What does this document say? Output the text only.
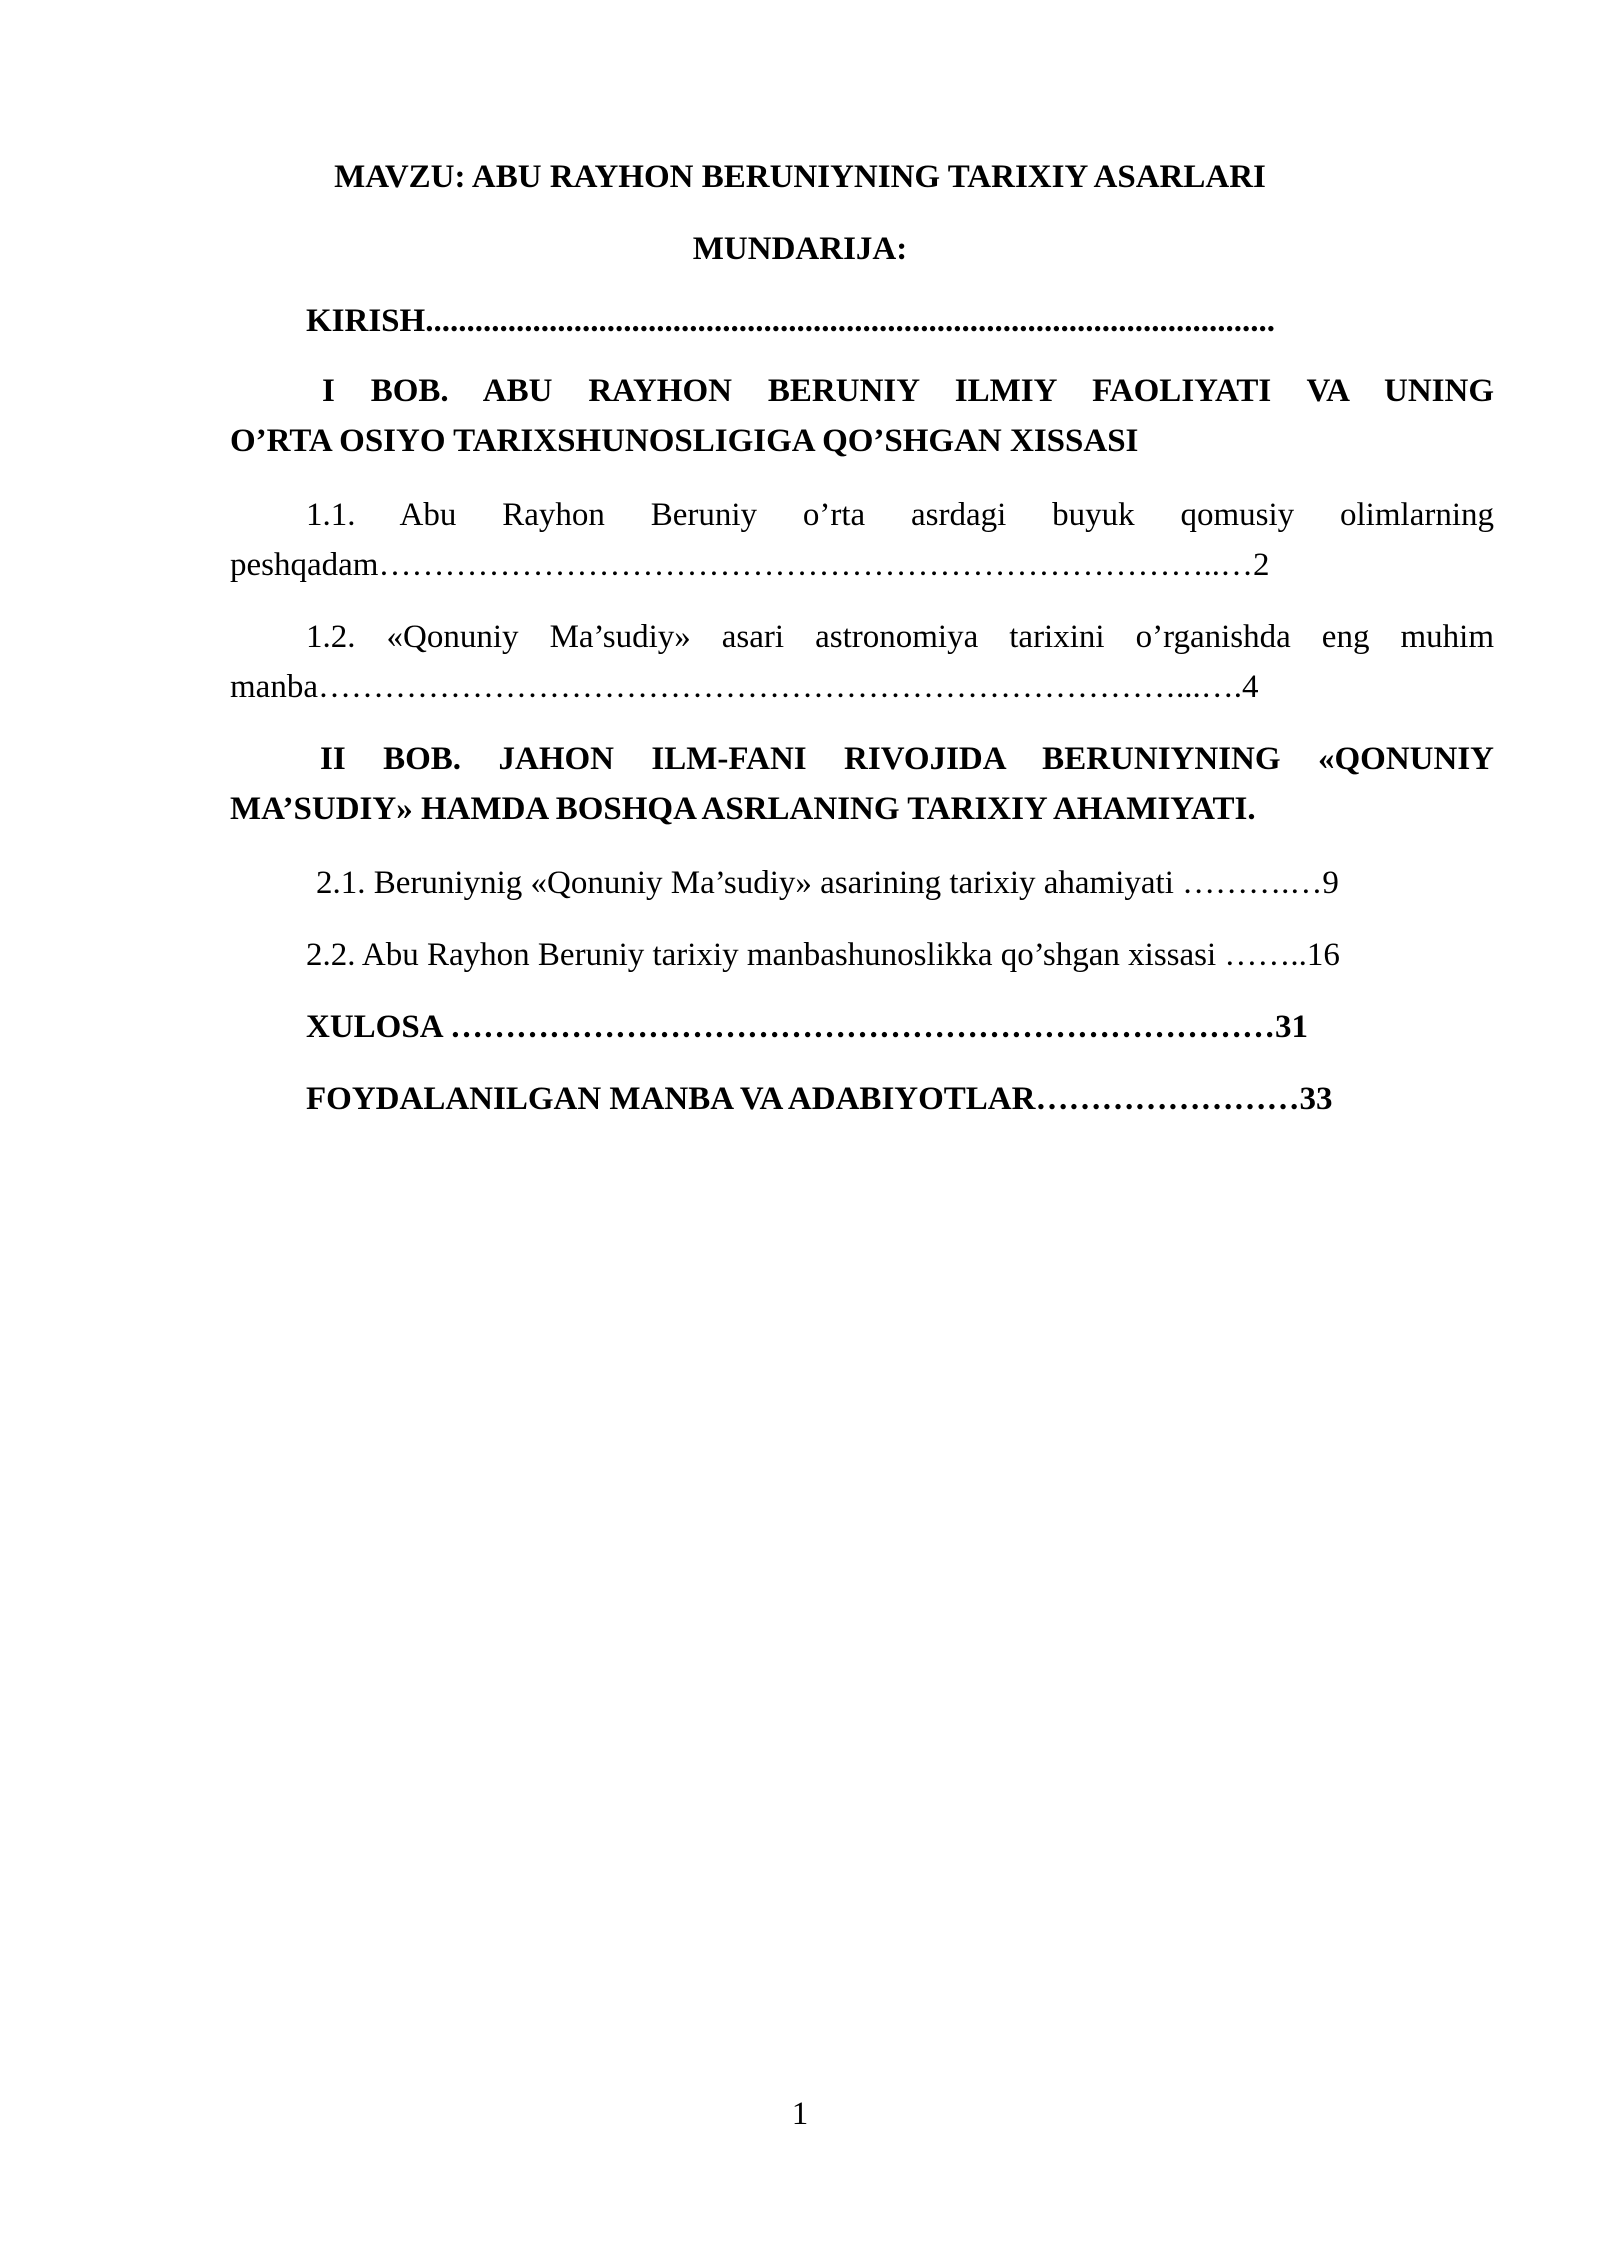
MAVZU: ABU RAYHON BERUNIYNING TARIXIY ASARLARI
MUNDARIJA:
KIRISH.......................................................................................................
I BOB. ABU RAYHON BERUNIY ILMIY FAOLIYATI VA UNING
O’RTA OSIYO TARIXSHUNOSLIGIGA QO’SHGAN XISSASI
1.1. Abu Rayhon Beruniy o’rta asrdagi buyuk qomusiy olimlarning
peshqadam…………………………………………………………………..…2
1.2. «Qonuniy Ma’sudiy» asari astronomiya tarixini o’rganishda eng muhim
manba……………………………………………………………………...….4
II BOB. JAHON ILM-FANI RIVOJIDA BERUNIYNING «QONUNIY
MA’SUDIY» HAMDA BOSHQA ASRLANING TARIXIY AHAMIYATI.
2.1. Beruniynig «Qonuniy Ma’sudiy» asarining tarixiy ahamiyati ……….…9
2.2. Abu Rayhon Beruniy tarixiy manbashunoslikka qo’shgan xissasi ……..16
XULOSA …………………………………………………………………31
FOYDALANILGAN MANBA VA ADABIYOTLAR……………………33
1
